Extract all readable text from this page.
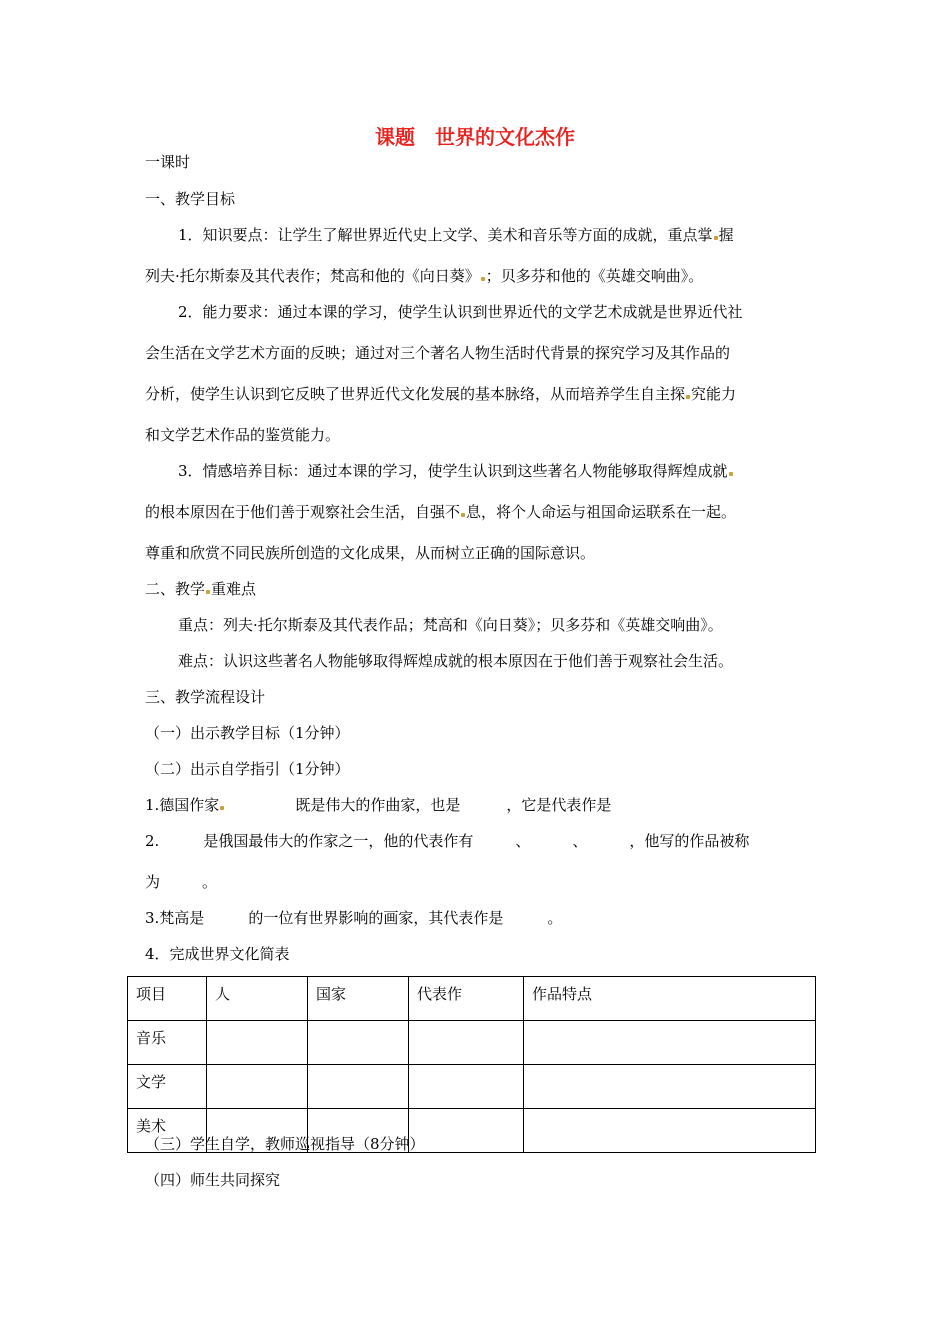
课题　世界的文化杰作
一课时
一、教学目标
1．知识要点：让学生了解世界近代史上文学、美术和音乐等方面的成就，重点掌 握
列夫·托尔斯泰及其代表作；梵高和他的《向日葵》 ；贝多芬和他的《英雄交响曲》。
2．能力要求：通过本课的学习，使学生认识到世界近代的文学艺术成就是世界近代社
会生活在文学艺术方面的反映；通过对三个著名人物生活时代背景的探究学习及其作品的
分析，使学生认识到它反映了世界近代文化发展的基本脉络，从而培养学生自主探 究能力
和文学艺术作品的鉴赏能力。
3．情感培养目标：通过本课的学习，使学生认识到这些著名人物能够取得辉煌成就
的根本原因在于他们善于观察社会生活，自强不 息，将个人命运与祖国命运联系在一起。
尊重和欣赏不同民族所创造的文化成果，从而树立正确的国际意识。
二、教学 重难点
重点：列夫·托尔斯泰及其代表作品；梵高和《向日葵》；贝多芬和《英雄交响曲》。
难点：认识这些著名人物能够取得辉煌成就的根本原因在于他们善于观察社会生活。
三、教学流程设计
（一）出示教学目标（1分钟）
（二）出示自学指引（1分钟）
1.德国作家	既是伟大的作曲家，也是	，它是代表作是
2.	是俄国最伟大的作家之一，他的代表作有	、	、	，他写的作品被称
为	。
3.梵高是	的一位有世界影响的画家，其代表作是	。
4．完成世界文化简表
项目	人	国家	代表作	作品特点
音乐				
文学				
美术				
（三）学生自学，教师巡视指导（8分钟）
（四）师生共同探究
